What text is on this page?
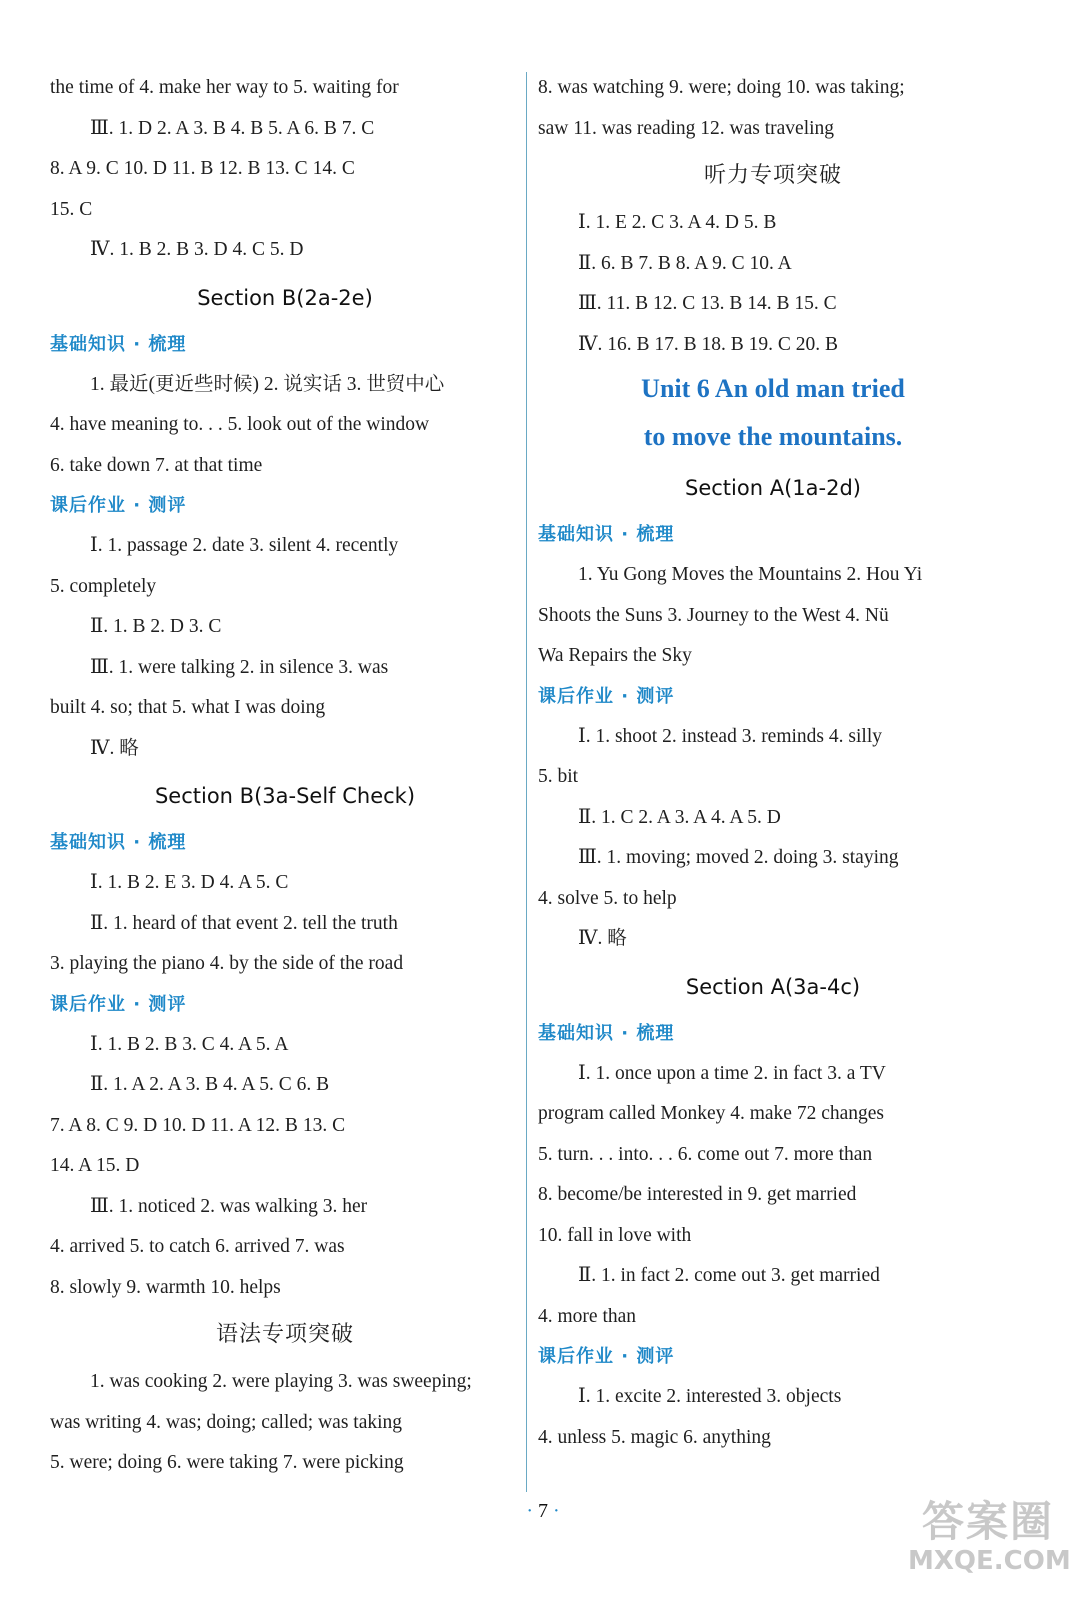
the time of 4. make her way to 5. waiting for
Ⅲ. 1. D 2. A 3. B 4. B 5. A 6. B 7. C
8. A 9. C 10. D 11. B 12. B 13. C 14. C
15. C
Ⅳ. 1. B 2. B 3. D 4. C 5. D
Section B(2a-2e)
基础知识 · 梳理
1. 最近(更近些时候) 2. 说实话 3. 世贸中心
4. have meaning to. . . 5. look out of the window
6. take down 7. at that time
课后作业 · 测评
Ⅰ. 1. passage 2. date 3. silent 4. recently
5. completely
Ⅱ. 1. B 2. D 3. C
Ⅲ. 1. were talking 2. in silence 3. was
built 4. so; that 5. what I was doing
Ⅳ. 略
Section B(3a-Self Check)
基础知识 · 梳理
Ⅰ. 1. B 2. E 3. D 4. A 5. C
Ⅱ. 1. heard of that event 2. tell the truth
3. playing the piano 4. by the side of the road
课后作业 · 测评
Ⅰ. 1. B 2. B 3. C 4. A 5. A
Ⅱ. 1. A 2. A 3. B 4. A 5. C 6. B
7. A 8. C 9. D 10. D 11. A 12. B 13. C
14. A 15. D
Ⅲ. 1. noticed 2. was walking 3. her
4. arrived 5. to catch 6. arrived 7. was
8. slowly 9. warmth 10. helps
语法专项突破
1. was cooking 2. were playing 3. was sweeping;
was writing 4. was; doing; called; was taking
5. were; doing 6. were taking 7. were picking
8. was watching 9. were; doing 10. was taking;
saw 11. was reading 12. was traveling
听力专项突破
Ⅰ. 1. E 2. C 3. A 4. D 5. B
Ⅱ. 6. B 7. B 8. A 9. C 10. A
Ⅲ. 11. B 12. C 13. B 14. B 15. C
Ⅳ. 16. B 17. B 18. B 19. C 20. B
Unit 6 An old man tried
to move the mountains.
Section A(1a-2d)
基础知识 · 梳理
1. Yu Gong Moves the Mountains 2. Hou Yi
Shoots the Suns 3. Journey to the West 4. Nü
Wa Repairs the Sky
课后作业 · 测评
Ⅰ. 1. shoot 2. instead 3. reminds 4. silly
5. bit
Ⅱ. 1. C 2. A 3. A 4. A 5. D
Ⅲ. 1. moving; moved 2. doing 3. staying
4. solve 5. to help
Ⅳ. 略
Section A(3a-4c)
基础知识 · 梳理
Ⅰ. 1. once upon a time 2. in fact 3. a TV
program called Monkey 4. make 72 changes
5. turn. . . into. . . 6. come out 7. more than
8. become/be interested in 9. get married
10. fall in love with
Ⅱ. 1. in fact 2. come out 3. get married
4. more than
课后作业 · 测评
Ⅰ. 1. excite 2. interested 3. objects
4. unless 5. magic 6. anything
· 7 ·	答案圈
MXQE.COM
